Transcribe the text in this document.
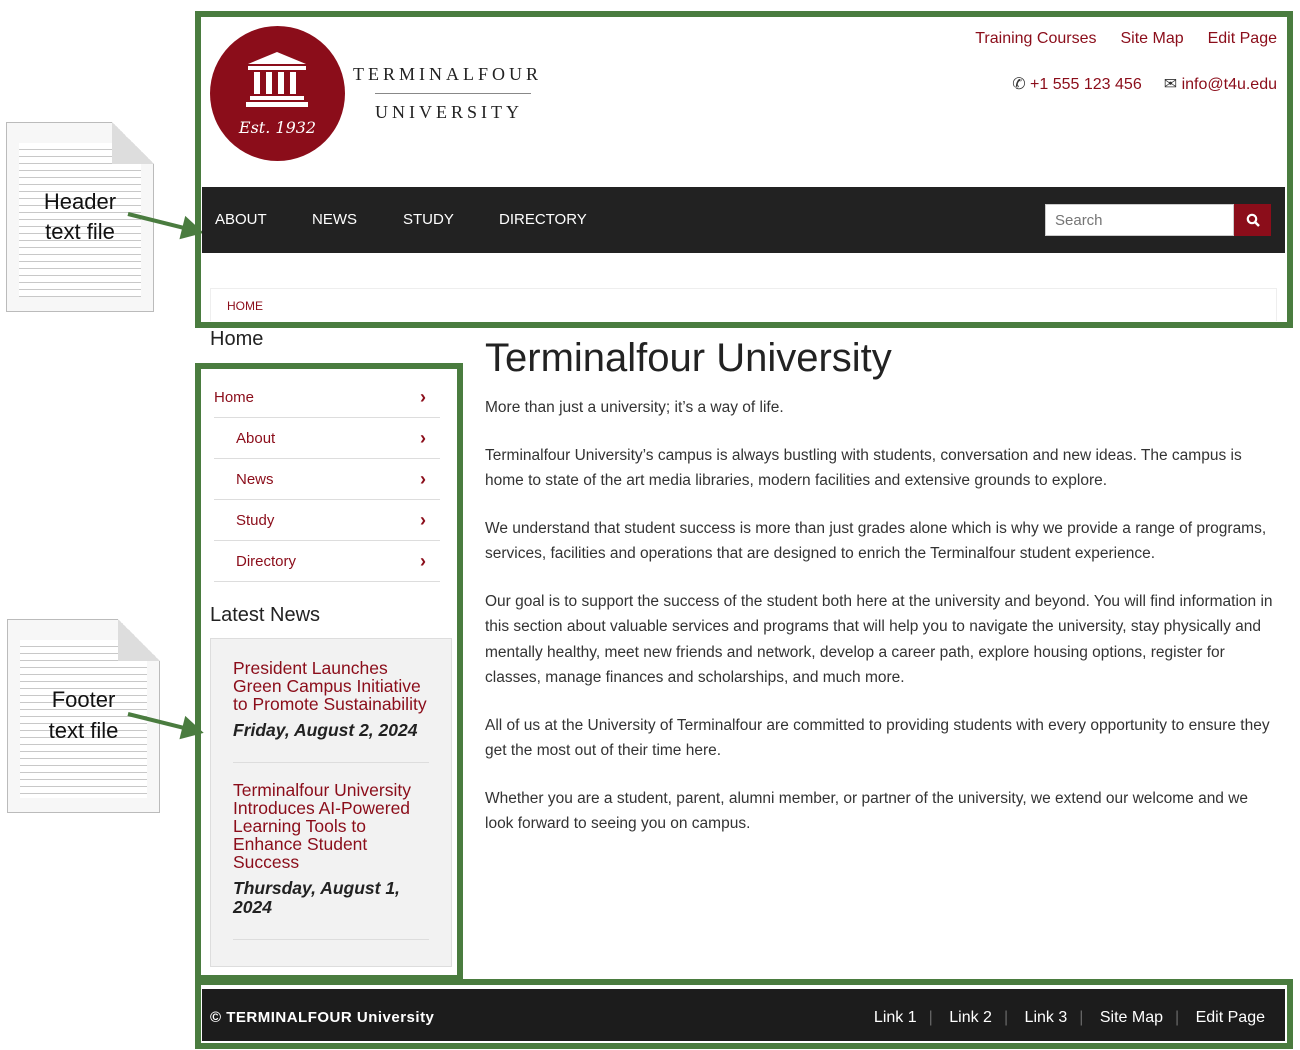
Header
text file
Footer
text file
Est. 1932
TERMINALFOUR
UNIVERSITY
Training Courses Site Map Edit Page
✆ +1 555 123 456 ✉ info@t4u.edu
ABOUT	NEWS	STUDY	DIRECTORY
Search
HOME
Home
Home	›
About	›
News	›
Study	›
Directory	›
Latest News
President Launches Green Campus Initiative to Promote Sustainability
Friday, August 2, 2024
Terminalfour University Introduces AI-Powered Learning Tools to Enhance Student Success
Thursday, August 1, 2024
Terminalfour University

More than just a university; it’s a way of life.

Terminalfour University’s campus is always bustling with students, conversation and new ideas. The campus is home to state of the art media libraries, modern facilities and extensive grounds to explore.

We understand that student success is more than just grades alone which is why we provide a range of programs, services, facilities and operations that are designed to enrich the Terminalfour student experience.

Our goal is to support the success of the student both here at the university and beyond. You will find information in this section about valuable services and programs that will help you to navigate the university, stay physically and mentally healthy, meet new friends and network, develop a career path, explore housing options, register for classes, manage finances and scholarships, and much more.

All of us at the University of Terminalfour are committed to providing students with every opportunity to ensure they get the most out of their time here.

Whether you are a student, parent, alumni member, or partner of the university, we extend our welcome and we look forward to seeing you on campus.

© TERMINALFOUR University	Link 1 | Link 2 | Link 3 | Site Map | Edit Page
